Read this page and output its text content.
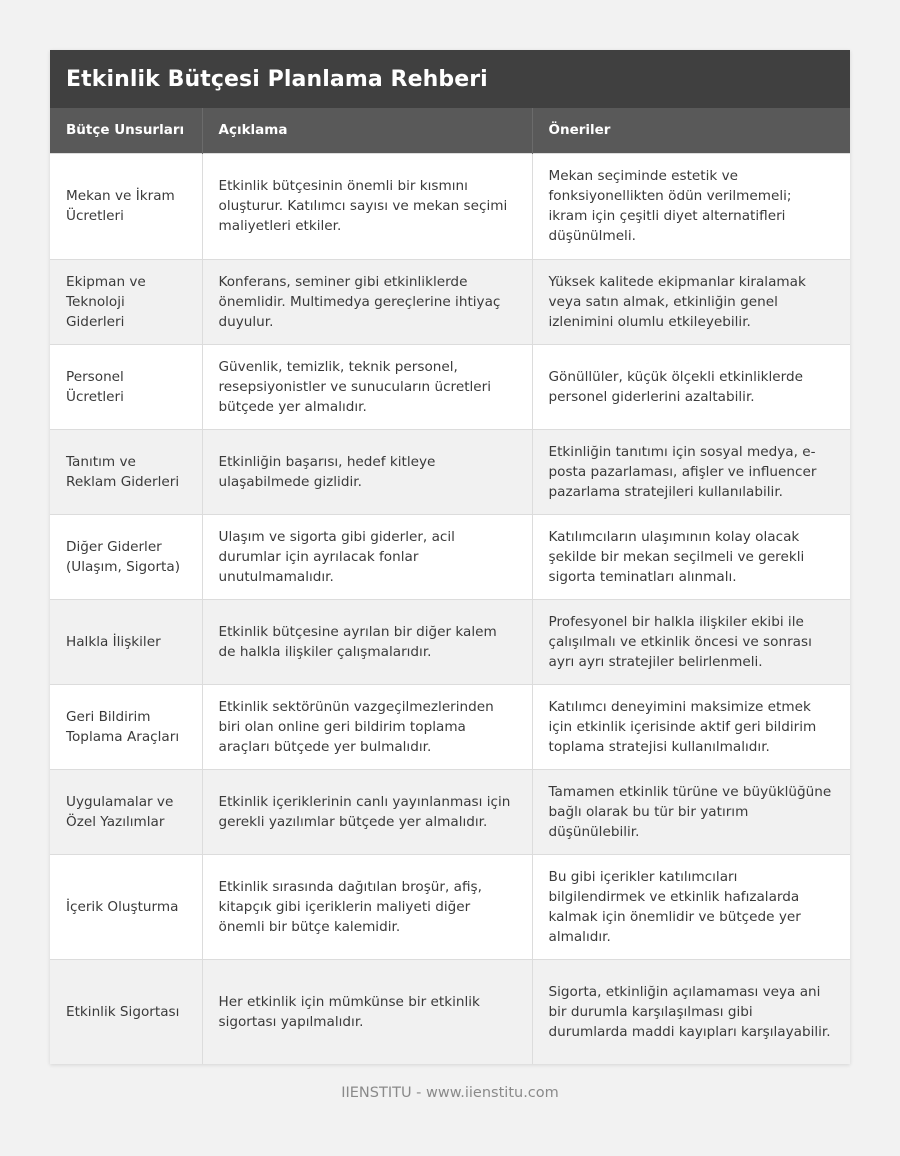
Etkinlik Bütçesi Planlama Rehberi
Bütçe Unsurları	Açıklama	Öneriler
Mekan ve İkram Ücretleri	Etkinlik bütçesinin önemli bir kısmını oluşturur. Katılımcı sayısı ve mekan seçimi maliyetleri etkiler.	Mekan seçiminde estetik ve fonksiyonellikten ödün verilmemeli; ikram için çeşitli diyet alternatifleri düşünülmeli.
Ekipman ve Teknoloji Giderleri	Konferans, seminer gibi etkinliklerde önemlidir. Multimedya gereçlerine ihtiyaç duyulur.	Yüksek kalitede ekipmanlar kiralamak veya satın almak, etkinliğin genel izlenimini olumlu etkileyebilir.
Personel Ücretleri	Güvenlik, temizlik, teknik personel, resepsiyonistler ve sunucuların ücretleri bütçede yer almalıdır.	Gönüllüler, küçük ölçekli etkinliklerde personel giderlerini azaltabilir.
Tanıtım ve Reklam Giderleri	Etkinliğin başarısı, hedef kitleye ulaşabilmede gizlidir.	Etkinliğin tanıtımı için sosyal medya, e-posta pazarlaması, afişler ve influencer pazarlama stratejileri kullanılabilir.
Diğer Giderler (Ulaşım, Sigorta)	Ulaşım ve sigorta gibi giderler, acil durumlar için ayrılacak fonlar unutulmamalıdır.	Katılımcıların ulaşımının kolay olacak şekilde bir mekan seçilmeli ve gerekli sigorta teminatları alınmalı.
Halkla İlişkiler	Etkinlik bütçesine ayrılan bir diğer kalem de halkla ilişkiler çalışmalarıdır.	Profesyonel bir halkla ilişkiler ekibi ile çalışılmalı ve etkinlik öncesi ve sonrası ayrı ayrı stratejiler belirlenmeli.
Geri Bildirim Toplama Araçları	Etkinlik sektörünün vazgeçilmezlerinden biri olan online geri bildirim toplama araçları bütçede yer bulmalıdır.	Katılımcı deneyimini maksimize etmek için etkinlik içerisinde aktif geri bildirim toplama stratejisi kullanılmalıdır.
Uygulamalar ve Özel Yazılımlar	Etkinlik içeriklerinin canlı yayınlanması için gerekli yazılımlar bütçede yer almalıdır.	Tamamen etkinlik türüne ve büyüklüğüne bağlı olarak bu tür bir yatırım düşünülebilir.
İçerik Oluşturma	Etkinlik sırasında dağıtılan broşür, afiş, kitapçık gibi içeriklerin maliyeti diğer önemli bir bütçe kalemidir.	Bu gibi içerikler katılımcıları bilgilendirmek ve etkinlik hafızalarda kalmak için önemlidir ve bütçede yer almalıdır.
Etkinlik Sigortası	Her etkinlik için mümkünse bir etkinlik sigortası yapılmalıdır.	Sigorta, etkinliğin açılamaması veya ani bir durumla karşılaşılması gibi durumlarda maddi kayıpları karşılayabilir.
IIENSTITU - www.iienstitu.com
